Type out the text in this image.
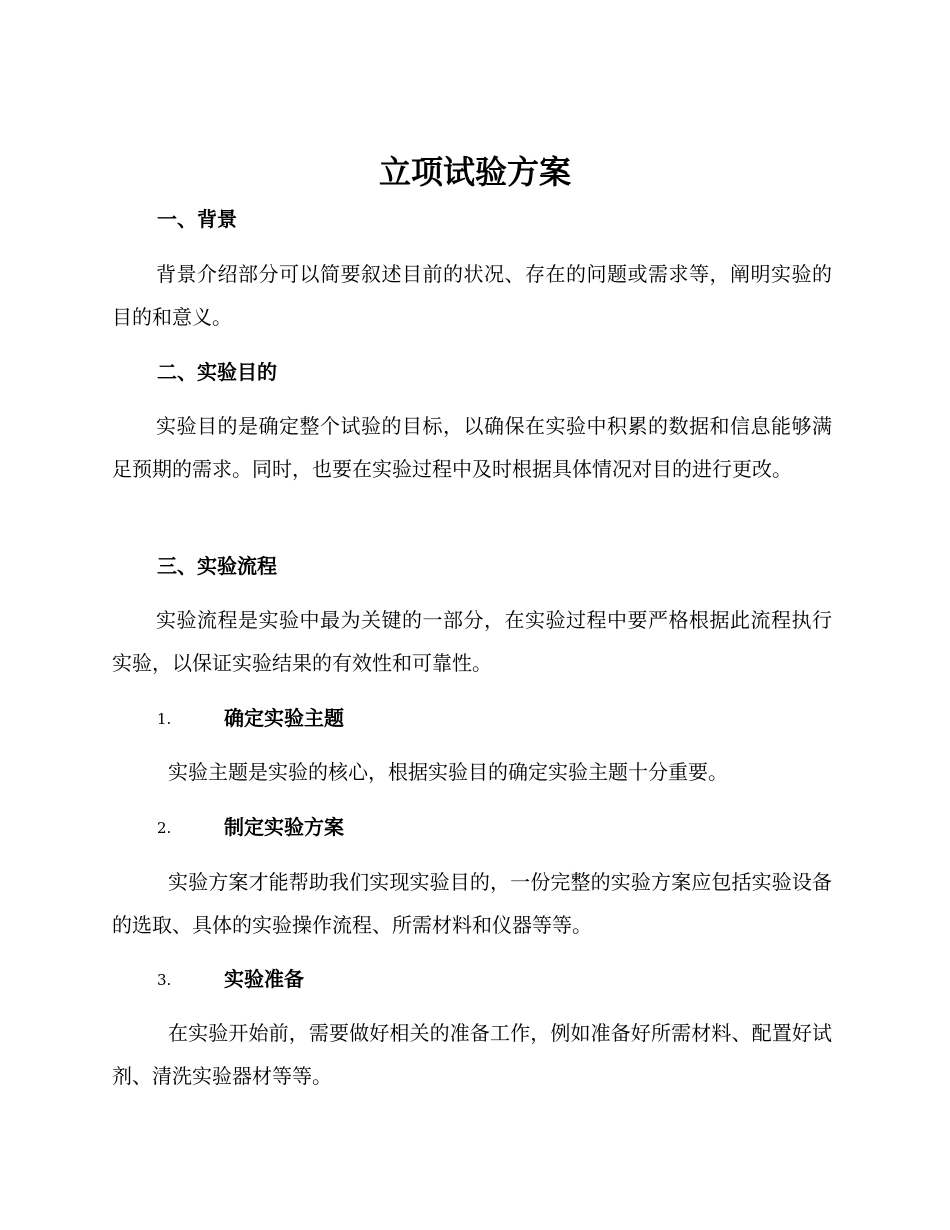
立项试验方案
一、背景

背景介绍部分可以简要叙述目前的状况、存在的问题或需求等，阐明实验的目的和意义。

二、实验目的

实验目的是确定整个试验的目标，以确保在实验中积累的数据和信息能够满足预期的需求。同时，也要在实验过程中及时根据具体情况对目的进行更改。

三、实验流程

实验流程是实验中最为关键的一部分，在实验过程中要严格根据此流程执行实验，以保证实验结果的有效性和可靠性。

1.	确定实验主题

实验主题是实验的核心，根据实验目的确定实验主题十分重要。

2.	制定实验方案

实验方案才能帮助我们实现实验目的，一份完整的实验方案应包括实验设备的选取、具体的实验操作流程、所需材料和仪器等等。

3.	实验准备

在实验开始前，需要做好相关的准备工作，例如准备好所需材料、配置好试剂、清洗实验器材等等。
